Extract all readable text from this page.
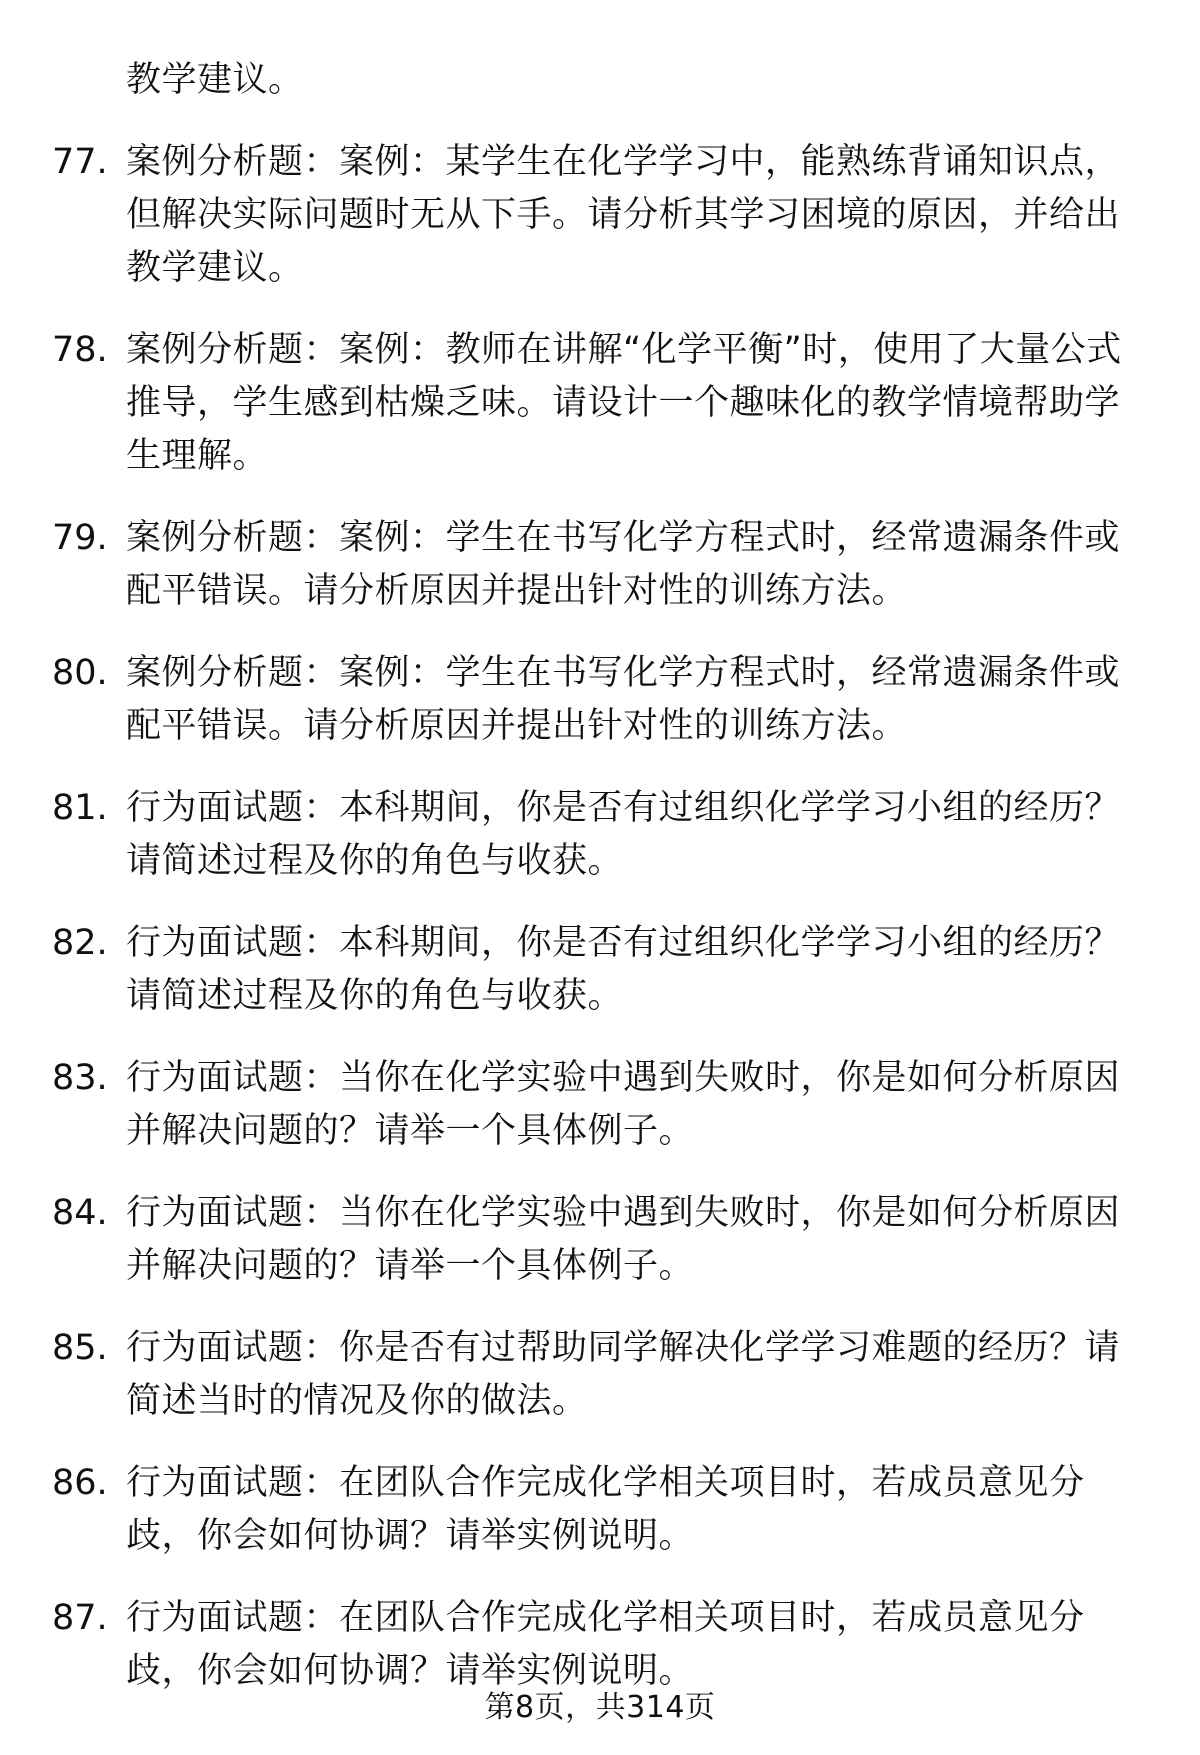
教学建议。
77. 案例分析题：案例：某学生在化学学习中，能熟练背诵知识点，但解决实际问题时无从下手。请分析其学习困境的原因，并给出教学建议。
78. 案例分析题：案例：教师在讲解“化学平衡”时，使用了大量公式推导，学生感到枯燥乏味。请设计一个趣味化的教学情境帮助学生理解。
79. 案例分析题：案例：学生在书写化学方程式时，经常遗漏条件或配平错误。请分析原因并提出针对性的训练方法。
80. 案例分析题：案例：学生在书写化学方程式时，经常遗漏条件或配平错误。请分析原因并提出针对性的训练方法。
81. 行为面试题：本科期间，你是否有过组织化学学习小组的经历？请简述过程及你的角色与收获。
82. 行为面试题：本科期间，你是否有过组织化学学习小组的经历？请简述过程及你的角色与收获。
83. 行为面试题：当你在化学实验中遇到失败时，你是如何分析原因并解决问题的？请举一个具体例子。
84. 行为面试题：当你在化学实验中遇到失败时，你是如何分析原因并解决问题的？请举一个具体例子。
85. 行为面试题：你是否有过帮助同学解决化学学习难题的经历？请简述当时的情况及你的做法。
86. 行为面试题：在团队合作完成化学相关项目时，若成员意见分歧，你会如何协调？请举实例说明。
87. 行为面试题：在团队合作完成化学相关项目时，若成员意见分歧，你会如何协调？请举实例说明。
第8页，共314页
